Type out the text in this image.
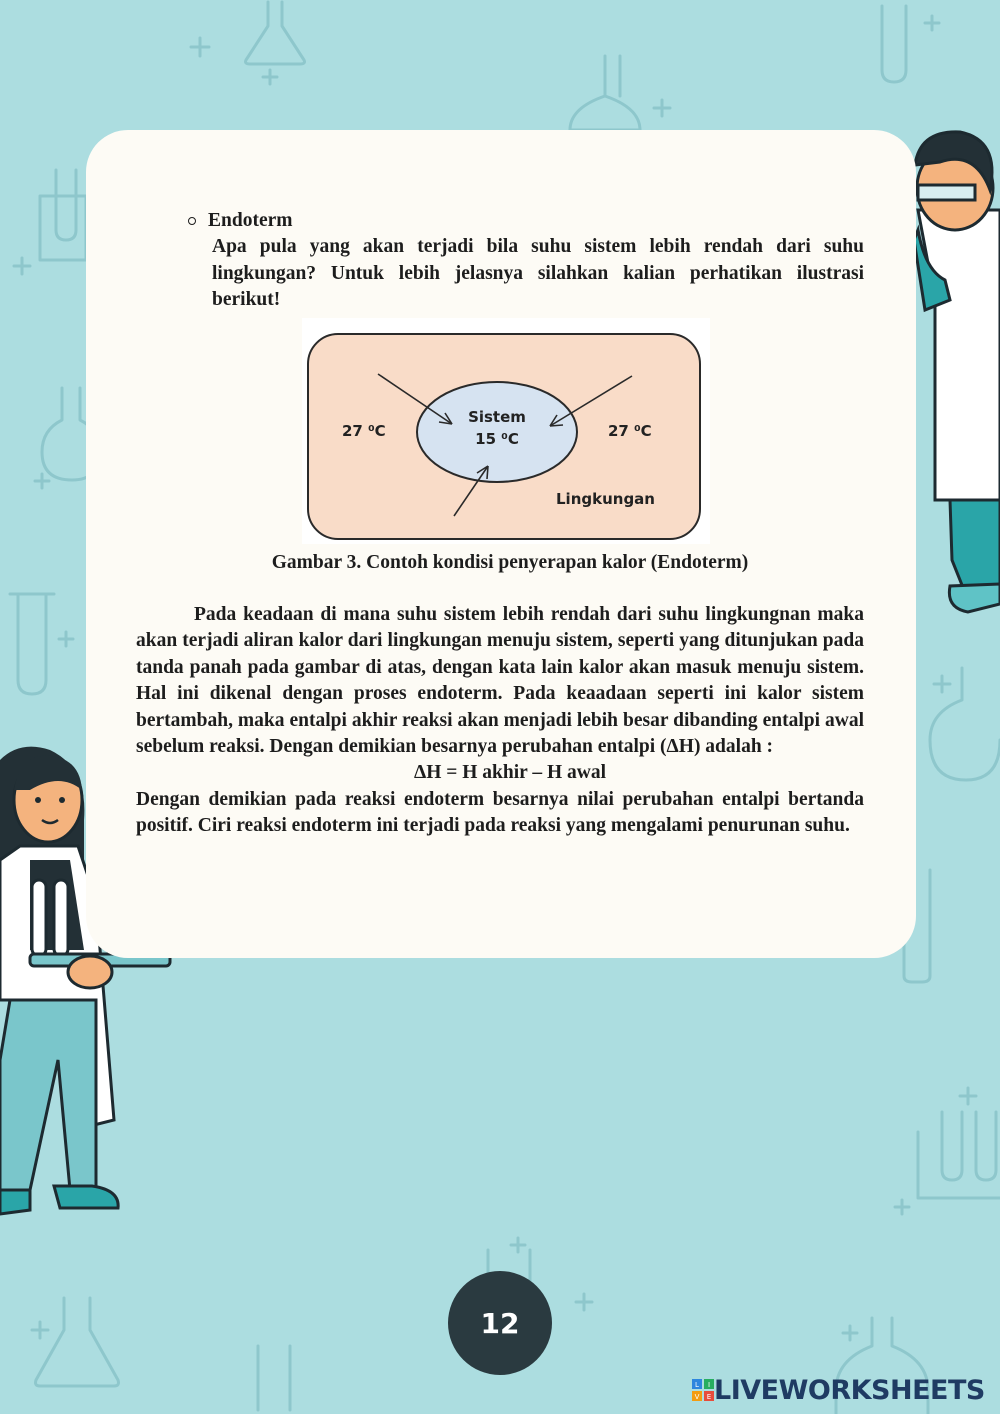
Endoterm
Apa pula yang akan terjadi bila suhu sistem lebih rendah dari suhu lingkungan? Untuk lebih jelasnya silahkan kalian perhatikan ilustrasi berikut!
27 ⁰C	27 ⁰C
Sistem
15 ⁰C
Lingkungan
Gambar 3. Contoh kondisi penyerapan kalor (Endoterm)
Pada keadaan di mana suhu sistem lebih rendah dari suhu lingkungnan maka akan terjadi aliran kalor dari lingkungan menuju sistem, seperti yang ditunjukan pada tanda panah pada gambar di atas, dengan kata lain kalor akan masuk menuju sistem. Hal ini dikenal dengan proses endoterm. Pada keaadaan seperti ini kalor sistem bertambah, maka entalpi akhir reaksi akan menjadi lebih besar dibanding entalpi awal sebelum reaksi. Dengan demikian besarnya perubahan entalpi (ΔH) adalah :
ΔH = H akhir – H awal
Dengan demikian pada reaksi endoterm besarnya nilai perubahan entalpi bertanda positif. Ciri reaksi endoterm ini terjadi pada reaksi yang mengalami penurunan suhu.
12
L I
V E LIVEWORKSHEETS
